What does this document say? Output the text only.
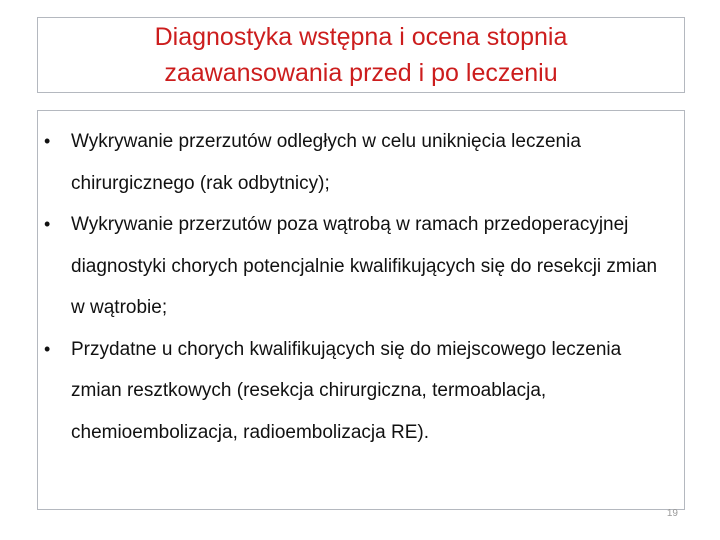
Diagnostyka wstępna i ocena stopnia
zaawansowania przed i po leczeniu
• Wykrywanie przerzutów odległych w celu uniknięcia leczenia chirurgicznego (rak odbytnicy);
• Wykrywanie przerzutów poza wątrobą w ramach przedoperacyjnej diagnostyki chorych potencjalnie kwalifikujących się do resekcji zmian w wątrobie;
• Przydatne u chorych kwalifikujących się do miejscowego leczenia zmian resztkowych (resekcja chirurgiczna, termoablacja, chemioembolizacja, radioembolizacja RE).
19
